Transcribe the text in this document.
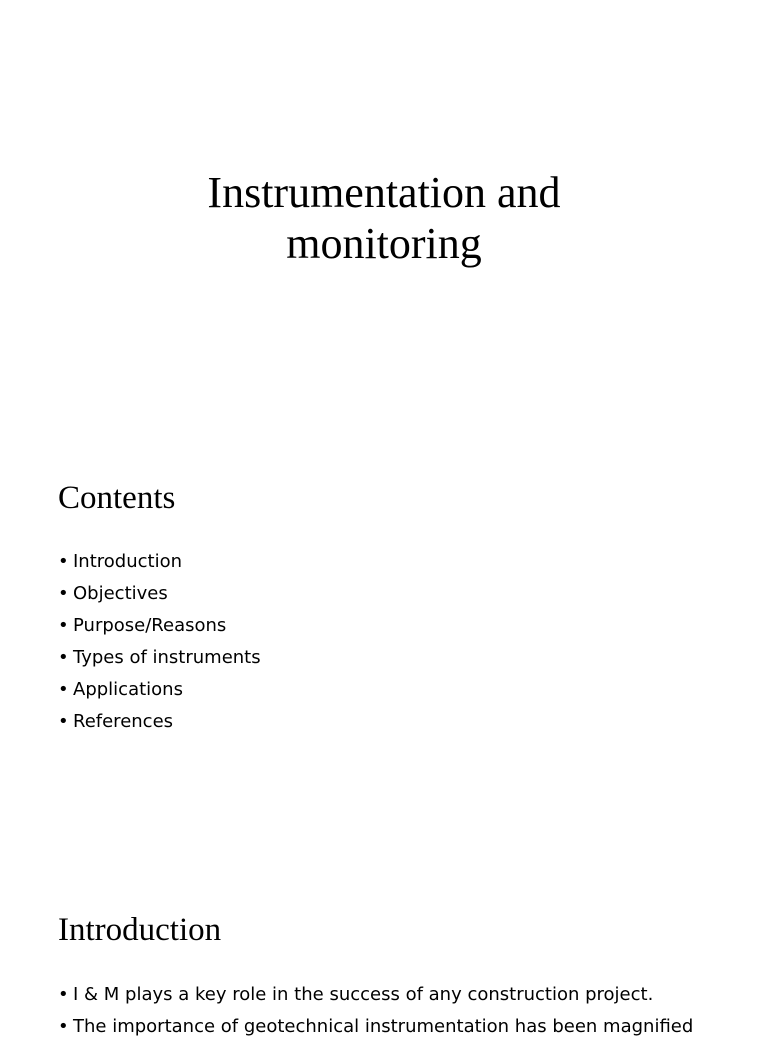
Instrumentation and
monitoring
Contents
• Introduction
• Objectives
• Purpose/Reasons
• Types of instruments
• Applications
• References
Introduction
• I & M plays a key role in the success of any construction project.
• The importance of geotechnical instrumentation has been magnified
